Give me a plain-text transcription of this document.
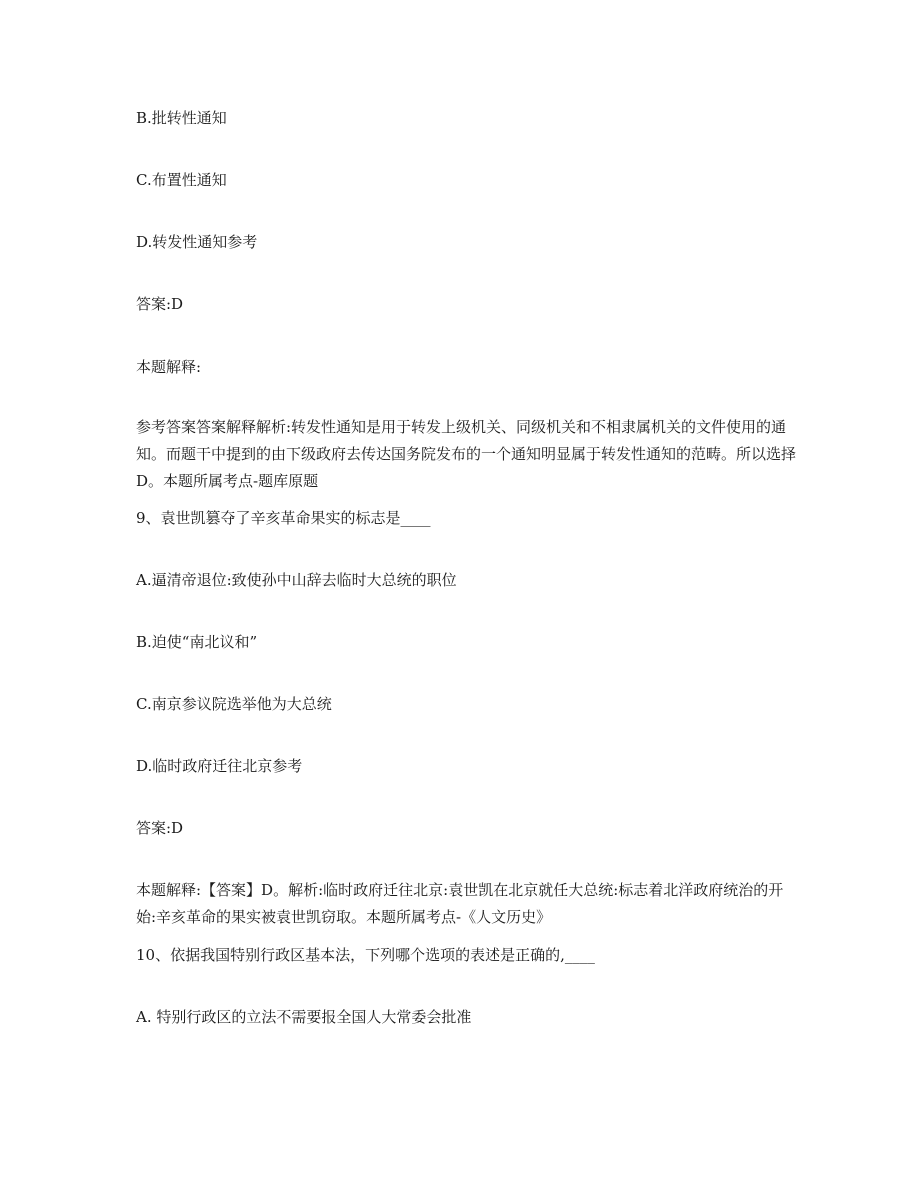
B.批转性通知
C.布置性通知
D.转发性通知参考
答案:D
本题解释:
参考答案答案解释解析:转发性通知是用于转发上级机关、同级机关和不相隶属机关的文件使用的通知。而题干中提到的由下级政府去传达国务院发布的一个通知明显属于转发性通知的范畴。所以选择 D。本题所属考点-题库原题
9、袁世凯篡夺了辛亥革命果实的标志是____
A.逼清帝退位:致使孙中山辞去临时大总统的职位
B.迫使“南北议和”
C.南京参议院选举他为大总统
D.临时政府迁往北京参考
答案:D
本题解释:【答案】D。解析:临时政府迁往北京:袁世凯在北京就任大总统:标志着北洋政府统治的开始:辛亥革命的果实被袁世凯窃取。本题所属考点-《人文历史》
10、依据我国特别行政区基本法，下列哪个选项的表述是正确的,____
A. 特别行政区的立法不需要报全国人大常委会批准
